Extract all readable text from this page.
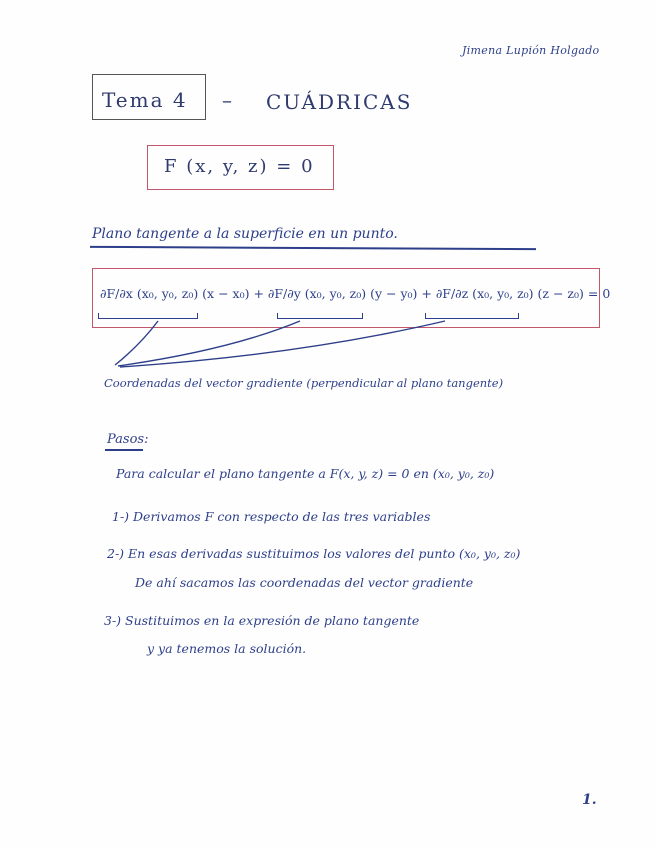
Jimena Lupión Holgado
Tema 4 – CUÁDRICAS
F (x, y, z) = 0
Plano tangente a la superficie en un punto.
∂F/∂x (x₀, y₀, z₀) (x − x₀) + ∂F/∂y (x₀, y₀, z₀) (y − y₀) + ∂F/∂z (x₀, y₀, z₀) (z − z₀) = 0
Coordenadas del vector gradiente (perpendicular al plano tangente)
Pasos:
Para calcular el plano tangente a F(x, y, z) = 0 en (x₀, y₀, z₀)
1-) Derivamos F con respecto de las tres variables
2-) En esas derivadas sustituimos los valores del punto (x₀, y₀, z₀)
De ahí sacamos las coordenadas del vector gradiente
3-) Sustituimos en la expresión de plano tangente
y ya tenemos la solución.
1.
